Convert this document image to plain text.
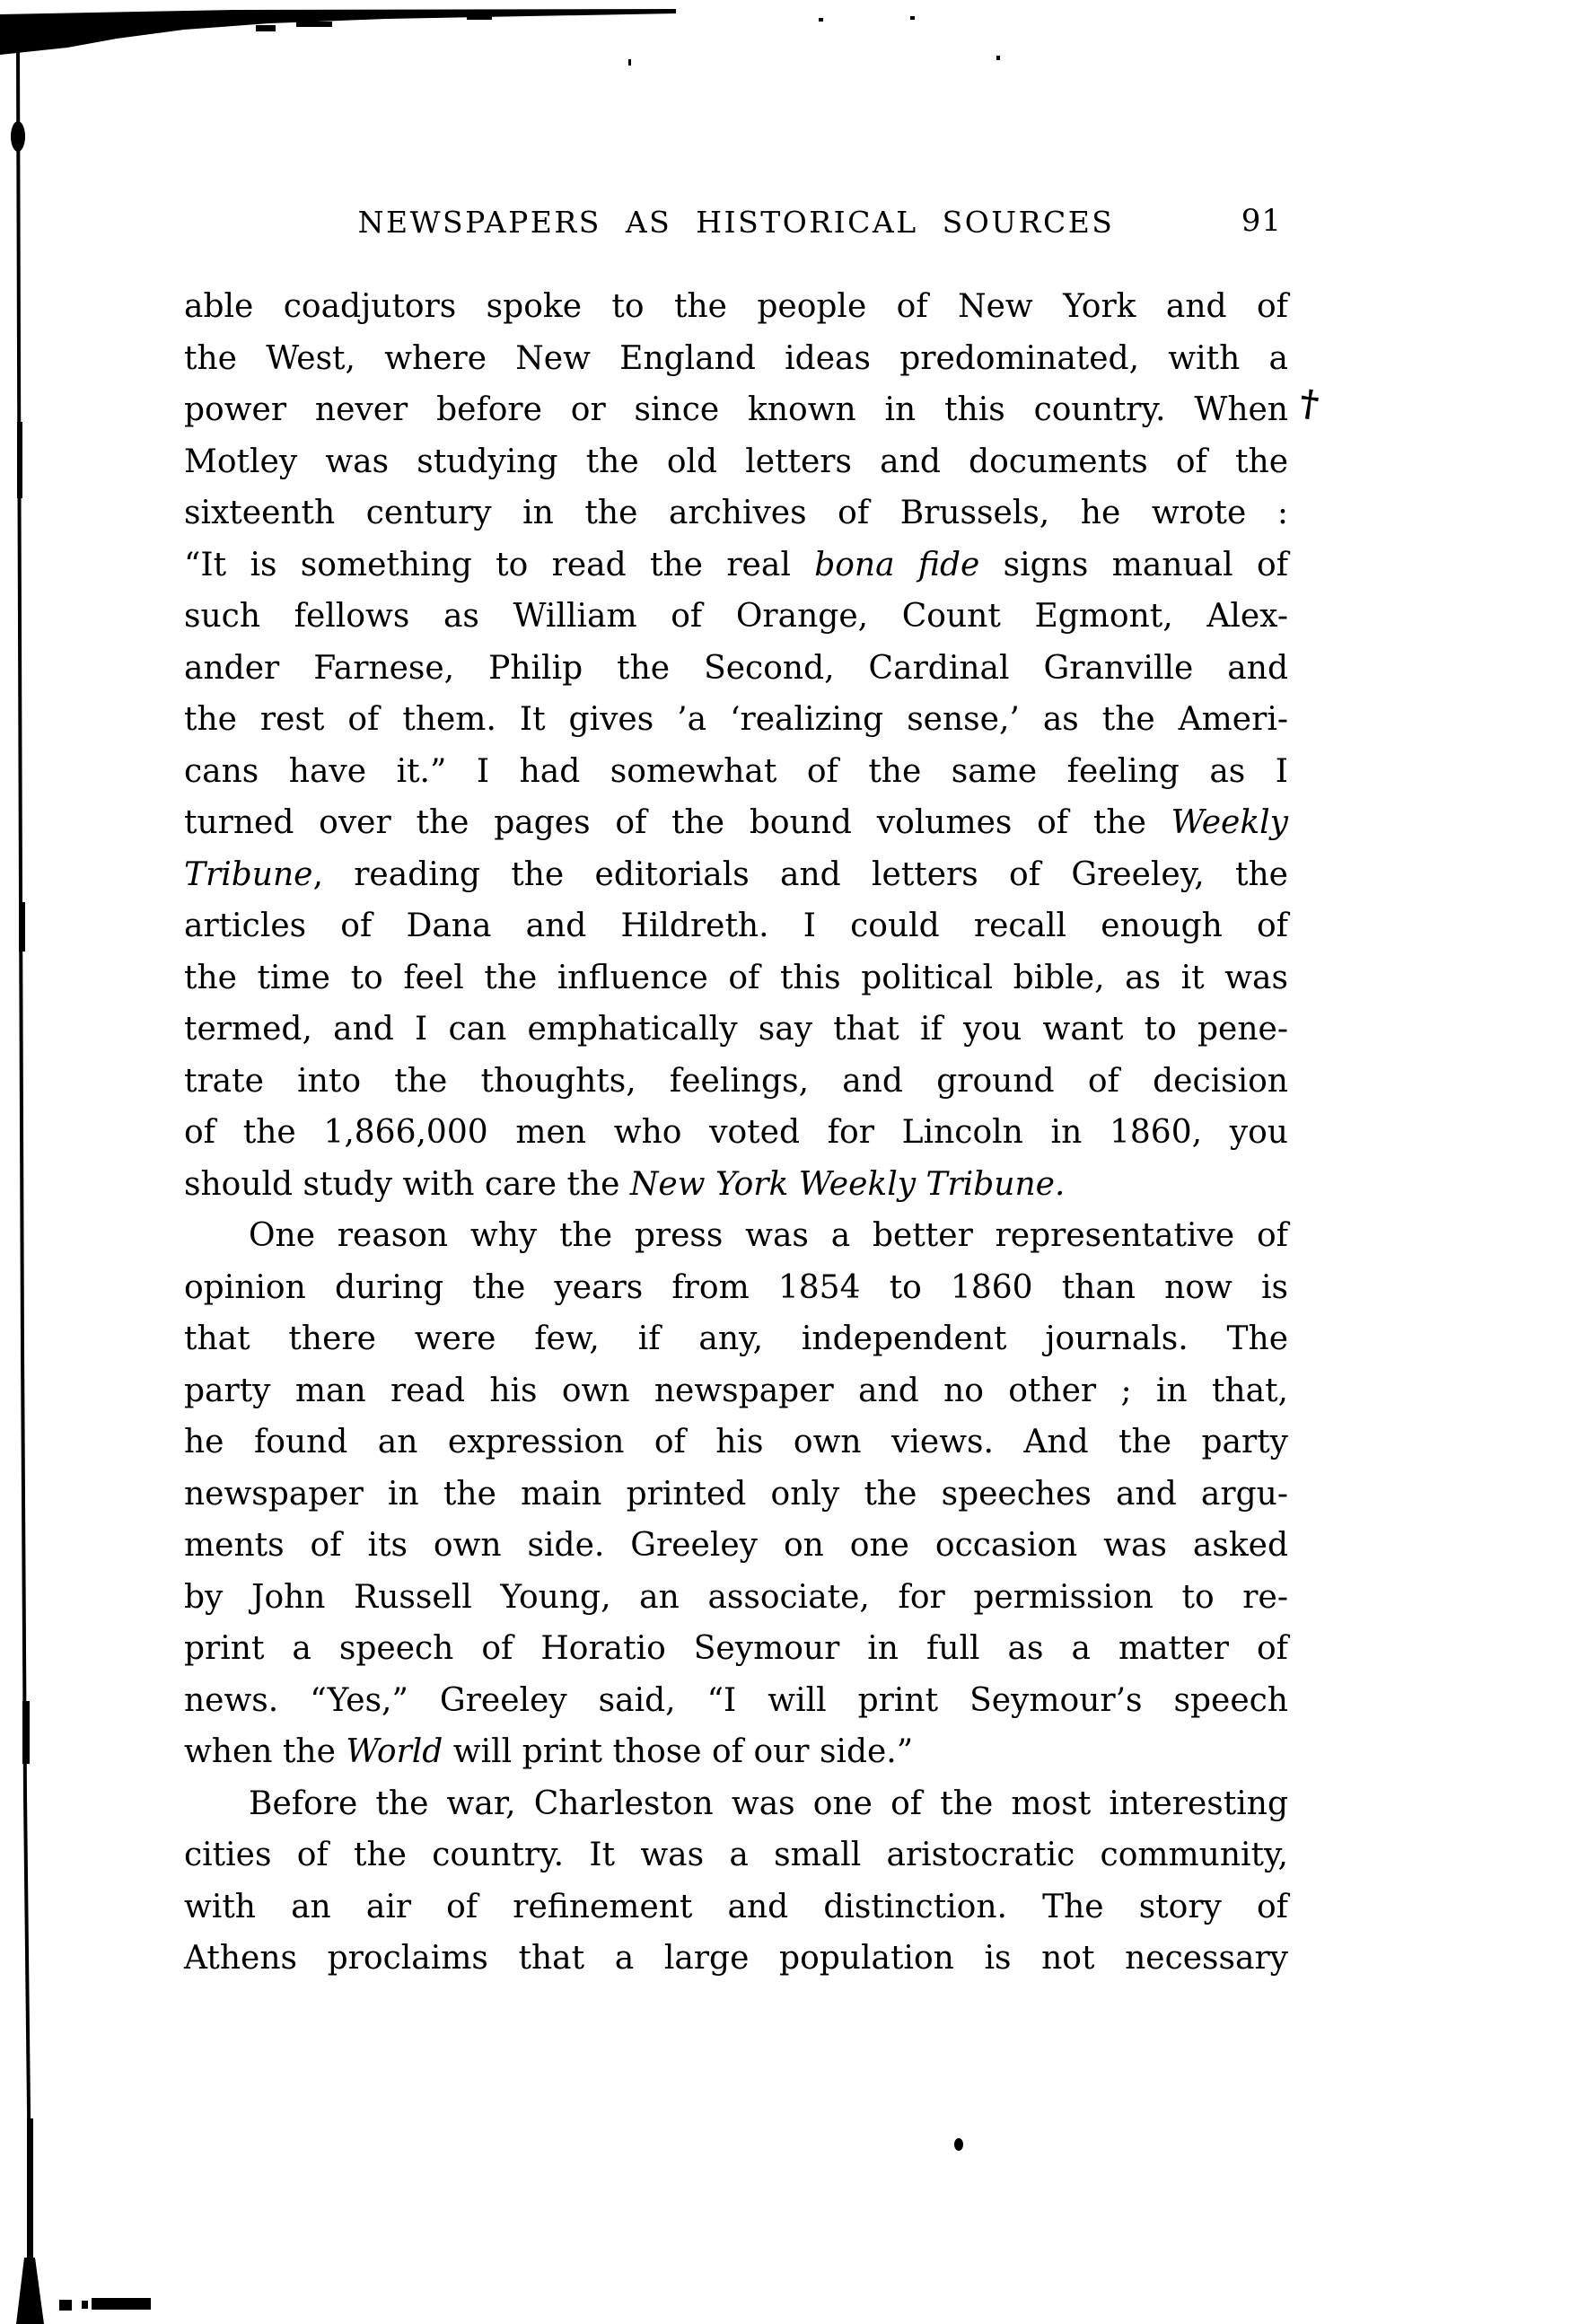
NEWSPAPERS AS HISTORICAL SOURCES	91
able coadjutors spoke to the people of New York and of
the West, where New England ideas predominated, with a
power never before or since known in this country. When †
Motley was studying the old letters and documents of the
sixteenth century in the archives of Brussels, he wrote :
“It is something to read the real bona fide signs manual of
such fellows as William of Orange, Count Egmont, Alex-
ander Farnese, Philip the Second, Cardinal Granville and
the rest of them. It gives ’a ‘realizing sense,’ as the Ameri-
cans have it.” I had somewhat of the same feeling as I
turned over the pages of the bound volumes of the Weekly
Tribune, reading the editorials and letters of Greeley, the
articles of Dana and Hildreth. I could recall enough of
the time to feel the influence of this political bible, as it was
termed, and I can emphatically say that if you want to pene-
trate into the thoughts, feelings, and ground of decision
of the 1,866,000 men who voted for Lincoln in 1860, you
should study with care the New York Weekly Tribune.
One reason why the press was a better representative of
opinion during the years from 1854 to 1860 than now is
that there were few, if any, independent journals. The
party man read his own newspaper and no other ; in that,
he found an expression of his own views. And the party
newspaper in the main printed only the speeches and argu-
ments of its own side. Greeley on one occasion was asked
by John Russell Young, an associate, for permission to re-
print a speech of Horatio Seymour in full as a matter of
news. “Yes,” Greeley said, “I will print Seymour’s speech
when the World will print those of our side.”
Before the war, Charleston was one of the most interesting
cities of the country. It was a small aristocratic community,
with an air of refinement and distinction. The story of
Athens proclaims that a large population is not necessary
